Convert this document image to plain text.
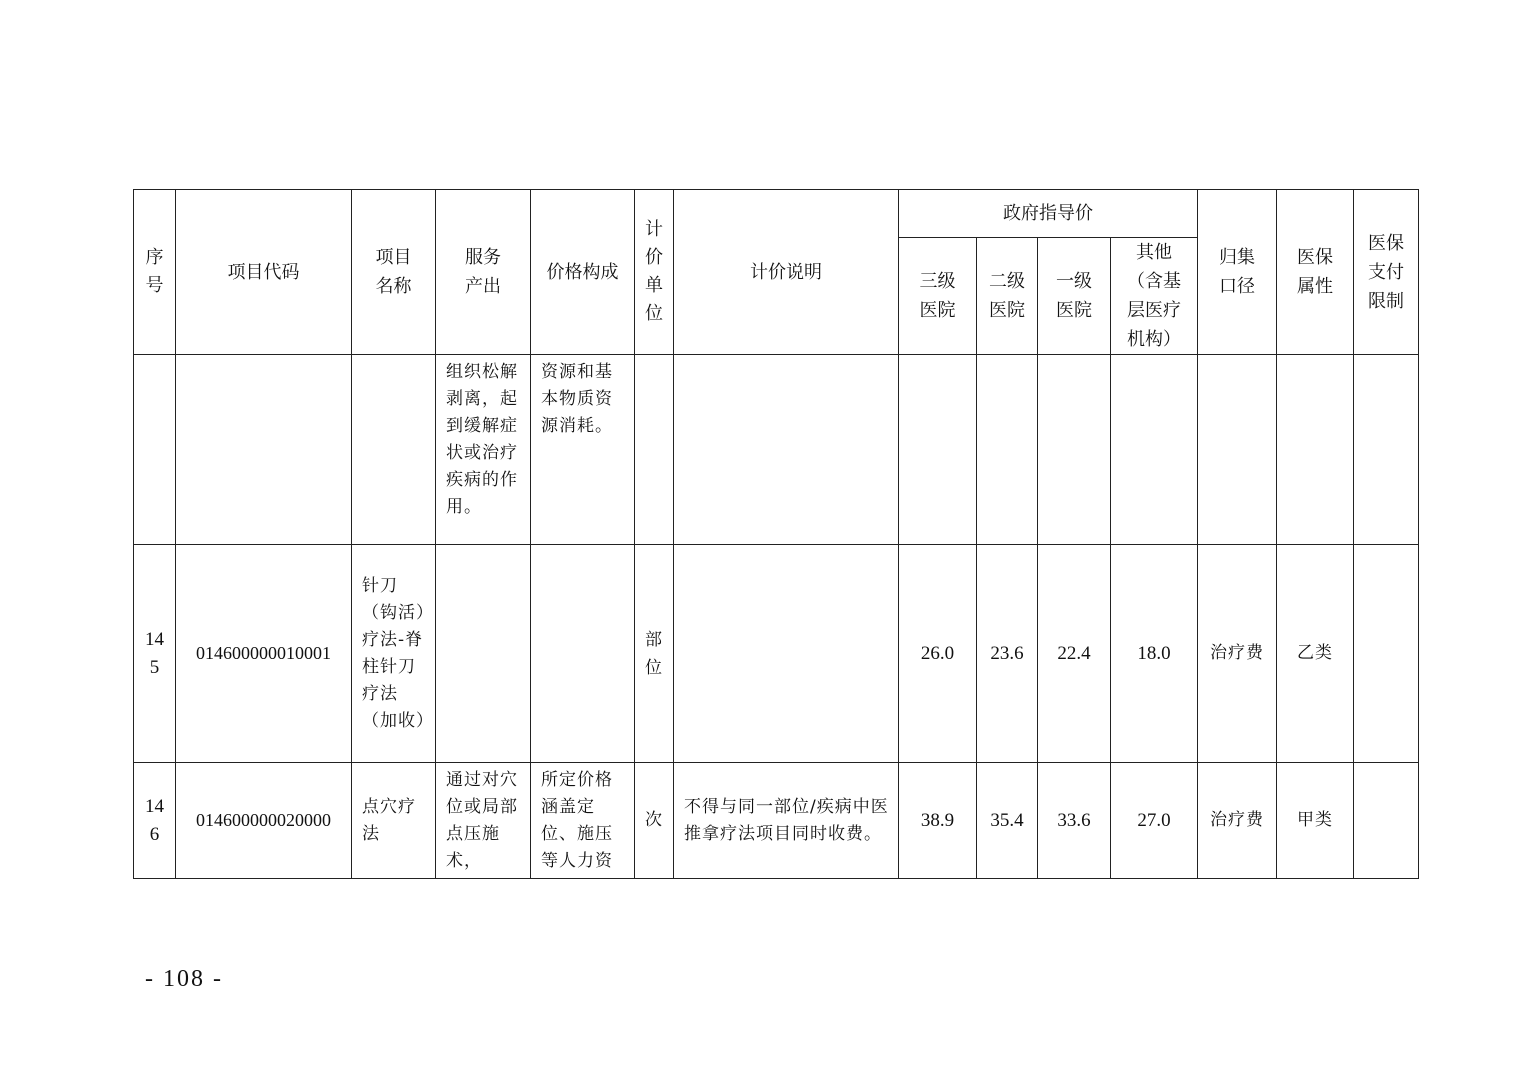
序号	项目代码	项目名称	服务产出	价格构成	计价单位	计价说明	政府指导价				归集口径	医保属性	医保支付限制
							三级医院	二级医院	一级医院	其他（含基层医疗机构）			

			组织松解剥离，起到缓解症状或治疗疾病的作用。	资源和基本物质资源消耗。									

145	014600000010001	针刀（钩活）疗法-脊柱针刀疗法（加收）			部位		26.0	23.6	22.4	18.0	治疗费	乙类	

146	014600000020000	点穴疗法	通过对穴位或局部点压施术，	所定价格涵盖定位、施压等人力资	次	不得与同一部位/疾病中医推拿疗法项目同时收费。	38.9	35.4	33.6	27.0	治疗费	甲类	
- 108 -
